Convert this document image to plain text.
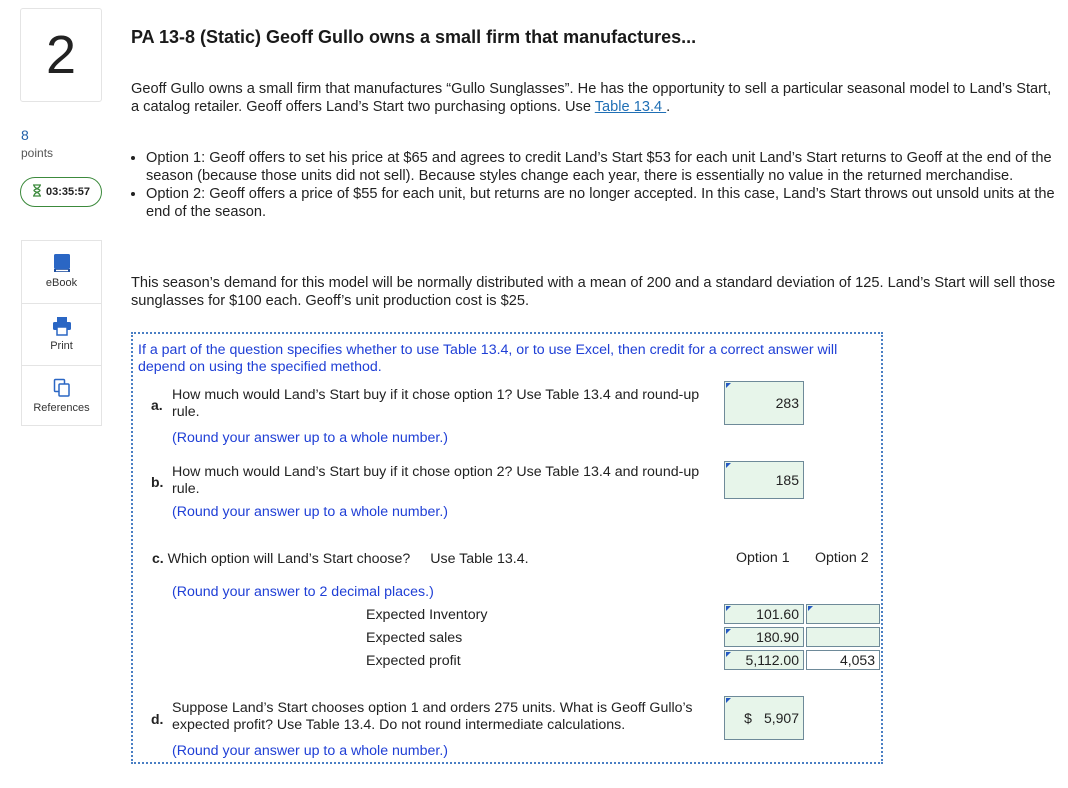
2
8
points
03:35:57
eBook
Print
References
PA 13-8 (Static) Geoff Gullo owns a small firm that manufactures...
Geoff Gullo owns a small firm that manufactures “Gullo Sunglasses”. He has the opportunity to sell a particular seasonal model to Land’s Start, a catalog retailer. Geoff offers Land’s Start two purchasing options. Use Table 13.4 .
• Option 1: Geoff offers to set his price at $65 and agrees to credit Land’s Start $53 for each unit Land’s Start returns to Geoff at the end of the season (because those units did not sell). Because styles change each year, there is essentially no value in the returned merchandise.
• Option 2: Geoff offers a price of $55 for each unit, but returns are no longer accepted. In this case, Land’s Start throws out unsold units at the end of the season.
This season’s demand for this model will be normally distributed with a mean of 200 and a standard deviation of 125. Land’s Start will sell those sunglasses for $100 each. Geoff’s unit production cost is $25.
If a part of the question specifies whether to use Table 13.4, or to use Excel, then credit for a correct answer will depend on using the specified method.
a.
How much would Land’s Start buy if it chose option 1? Use Table 13.4 and round-up rule.
(Round your answer up to a whole number.)
283
b.
How much would Land’s Start buy if it chose option 2? Use Table 13.4 and round-up rule.
(Round your answer up to a whole number.)
185
c. Which option will Land’s Start choose? Use Table 13.4.	Option 1 Option 2
(Round your answer to 2 decimal places.)
Expected Inventory
Expected sales
Expected profit
101.60
180.90
5,112.00	4,053
d.
Suppose Land’s Start chooses option 1 and orders 275 units. What is Geoff Gullo’s expected profit? Use Table 13.4. Do not round intermediate calculations.
(Round your answer up to a whole number.)
$ 5,907
